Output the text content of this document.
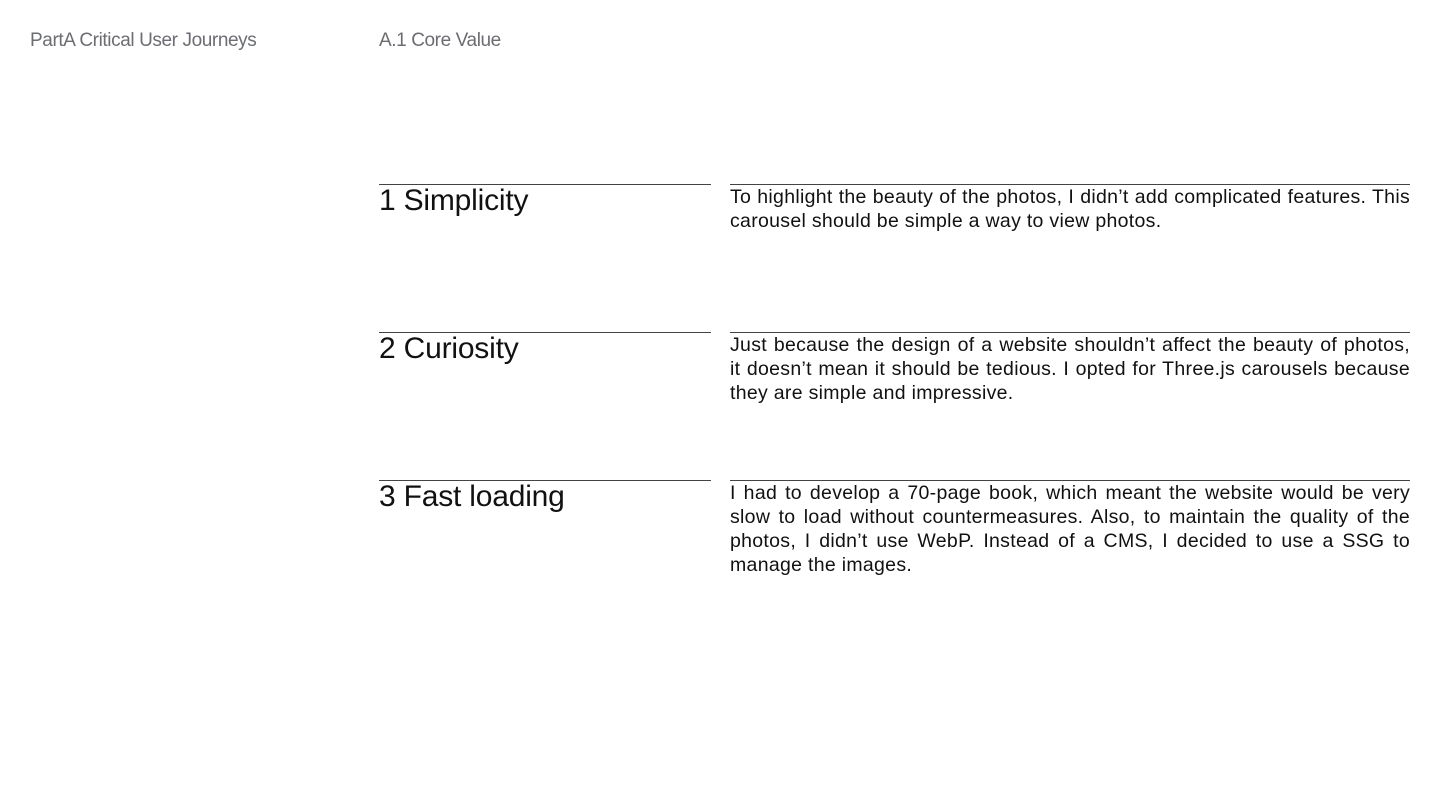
PartA Critical User Journeys	A.1 Core Value
1 Simplicity	To highlight the beauty of the photos, I didn’t add complicated features. This carousel should be simple a way to view photos.
2 Curiosity	Just because the design of a website shouldn’t affect the beauty of photos, it doesn’t mean it should be tedious. I opted for Three.js carousels because they are simple and impressive.
3 Fast loading	I had to develop a 70-page book, which meant the website would be very slow to load without countermeasures. Also, to maintain the quality of the photos, I didn’t use WebP. Instead of a CMS, I decided to use a SSG to manage the images.
